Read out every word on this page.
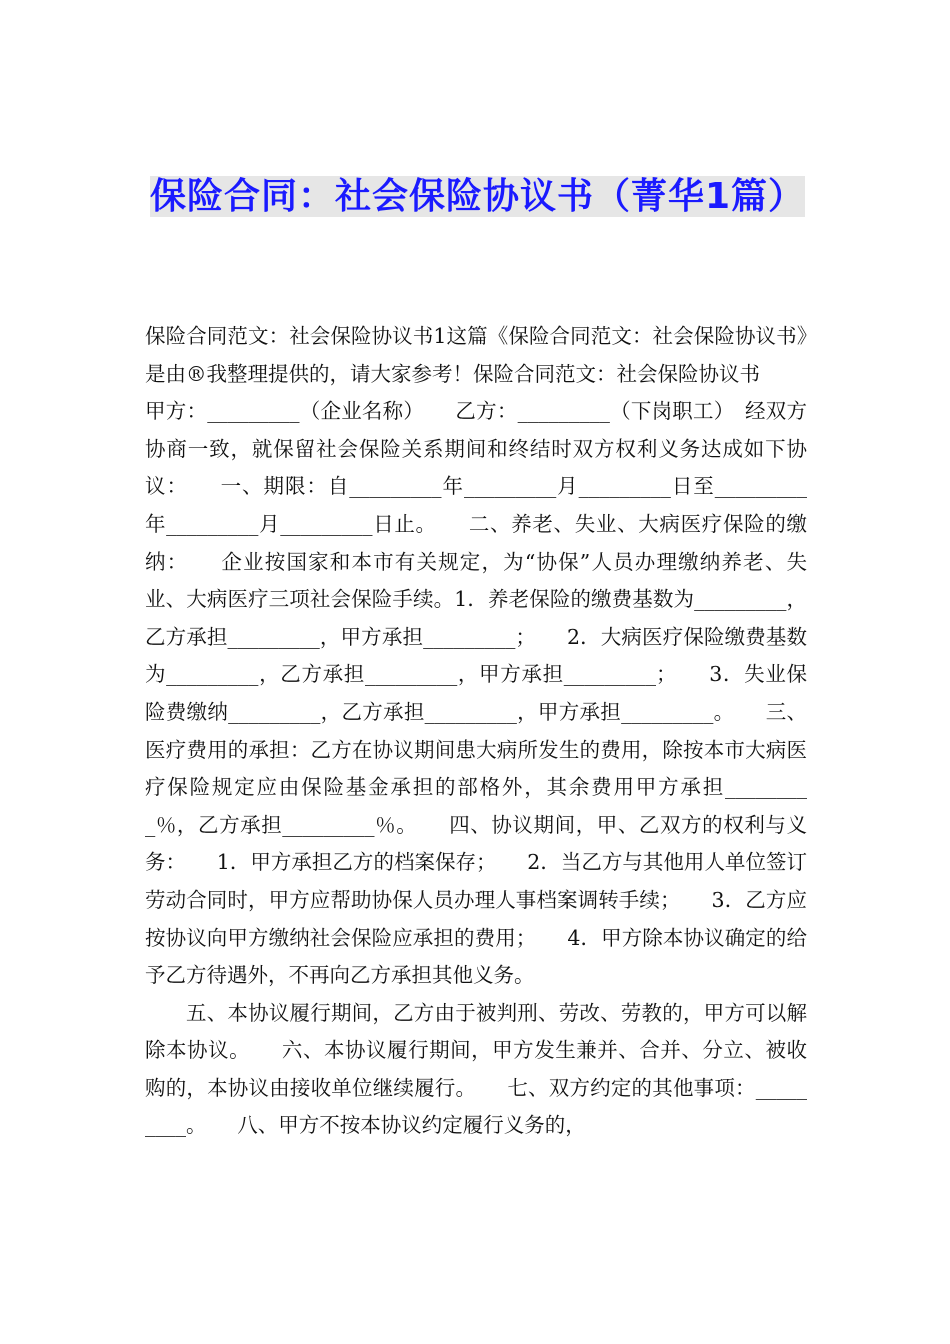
保险合同：社会保险协议书（菁华1篇）

保险合同范文：社会保险协议书1这篇《保险合同范文：社会保险协议书》是由®我整理提供的，请大家参考！保险合同范文：社会保险协议书

甲方：_________（企业名称）　　乙方：_________（下岗职工）　经双方协商一致，就保留社会保险关系期间和终结时双方权利义务达成如下协议：　　一、期限：自_________年_________月_________日至_________年_________月_________日止。　　二、养老、失业、大病医疗保险的缴纳：　　企业按国家和本市有关规定，为“协保”人员办理缴纳养老、失业、大病医疗三项社会保险手续。1．养老保险的缴费基数为_________，乙方承担_________，甲方承担_________；　　2．大病医疗保险缴费基数为_________，乙方承担_________，甲方承担_________；　　3．失业保险费缴纳_________，乙方承担_________，甲方承担_________。　　三、医疗费用的承担：乙方在协议期间患大病所发生的费用，除按本市大病医疗保险规定应由保险基金承担的部格外，其余费用甲方承担_________％，乙方承担_________％。　　四、协议期间，甲、乙双方的权利与义务：　　1．甲方承担乙方的档案保存；　　2．当乙方与其他用人单位签订劳动合同时，甲方应帮助协保人员办理人事档案调转手续；　　3．乙方应按协议向甲方缴纳社会保险应承担的费用；　　4．甲方除本协议确定的给予乙方待遇外，不再向乙方承担其他义务。

五、本协议履行期间，乙方由于被判刑、劳改、劳教的，甲方可以解除本协议。　　六、本协议履行期间，甲方发生兼并、合并、分立、被收购的，本协议由接收单位继续履行。　　七、双方约定的其他事项：_________。　　八、甲方不按本协议约定履行义务的，
